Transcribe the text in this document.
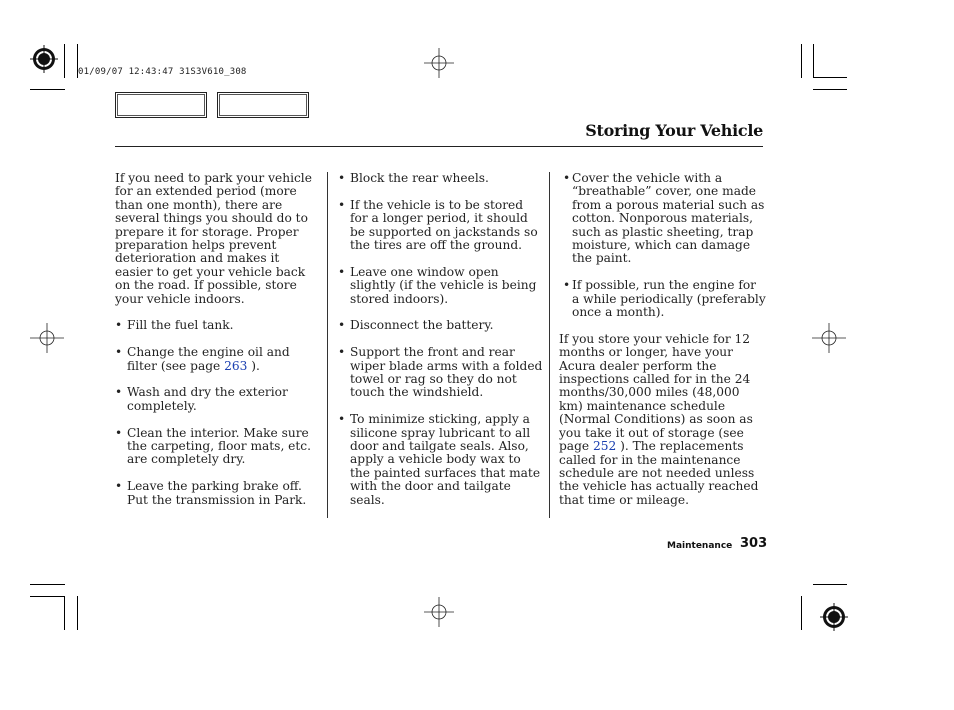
01/09/07 12:43:47 31S3V610_308
Storing Your Vehicle

If you need to park your vehicle for an extended period (more than one month), there are several things you should do to prepare it for storage. Proper preparation helps prevent deterioration and makes it easier to get your vehicle back on the road. If possible, store your vehicle indoors.

• Fill the fuel tank.
• Change the engine oil and filter (see page 263 ).
• Wash and dry the exterior completely.
• Clean the interior. Make sure the carpeting, floor mats, etc. are completely dry.
• Leave the parking brake off. Put the transmission in Park.
• Block the rear wheels.
• If the vehicle is to be stored for a longer period, it should be supported on jackstands so the tires are off the ground.
• Leave one window open slightly (if the vehicle is being stored indoors).
• Disconnect the battery.
• Support the front and rear wiper blade arms with a folded towel or rag so they do not touch the windshield.
• To minimize sticking, apply a silicone spray lubricant to all door and tailgate seals. Also, apply a vehicle body wax to the painted surfaces that mate with the door and tailgate seals.
• Cover the vehicle with a “breathable” cover, one made from a porous material such as cotton. Nonporous materials, such as plastic sheeting, trap moisture, which can damage the paint.
• If possible, run the engine for a while periodically (preferably once a month).

If you store your vehicle for 12 months or longer, have your Acura dealer perform the inspections called for in the 24 months/30,000 miles (48,000 km) maintenance schedule (Normal Conditions) as soon as you take it out of storage (see page 252 ). The replacements called for in the maintenance schedule are not needed unless the vehicle has actually reached that time or mileage.

Maintenance 303
